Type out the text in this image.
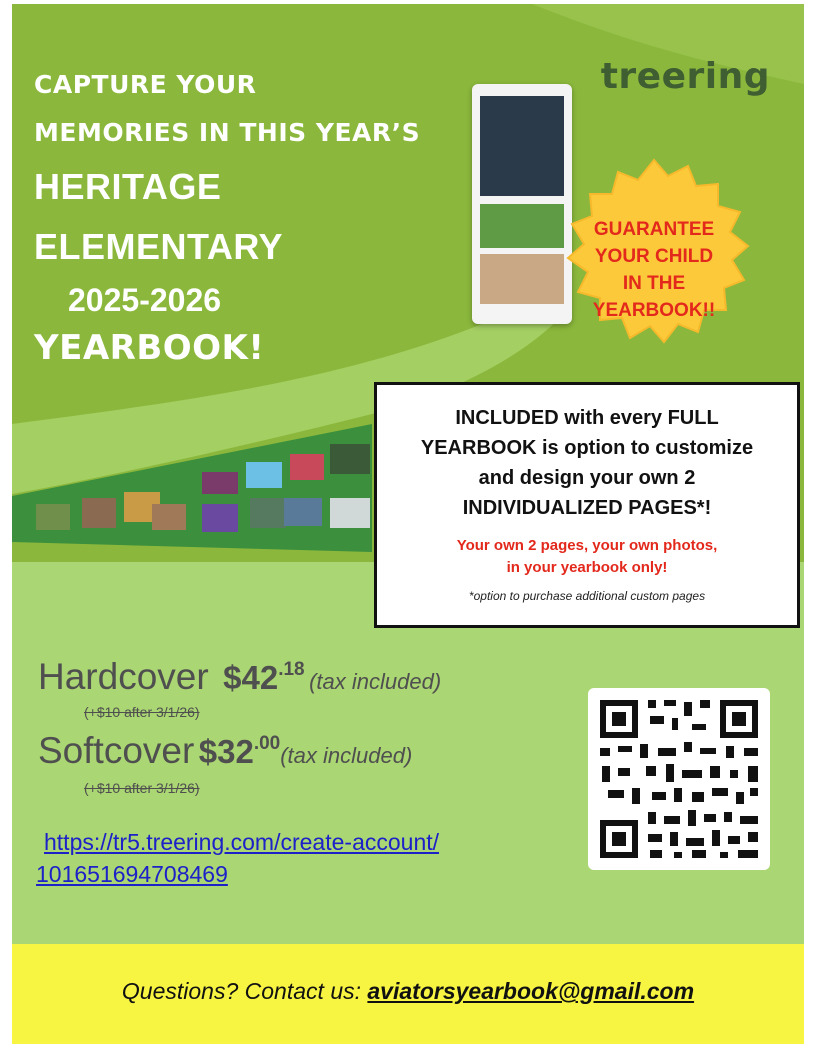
CAPTURE YOUR

MEMORIES IN THIS YEAR’S

HERITAGE

ELEMENTARY

2025-2026

YEARBOOK!

treering
GUARANTEE
YOUR CHILD
IN THE
YEARBOOK!!
INCLUDED with every FULL
YEARBOOK is option to customize
and design your own 2
INDIVIDUALIZED PAGES*!
Your own 2 pages, your own photos,
in your yearbook only!
*option to purchase additional custom pages
Hardcover $42.18 (tax included)
(+$10 after 3/1/26)
Softcover $32.00(tax included)
(+$10 after 3/1/26)
https://tr5.treering.com/create-account/
101651694708469
Questions? Contact us: aviatorsyearbook@gmail.com
